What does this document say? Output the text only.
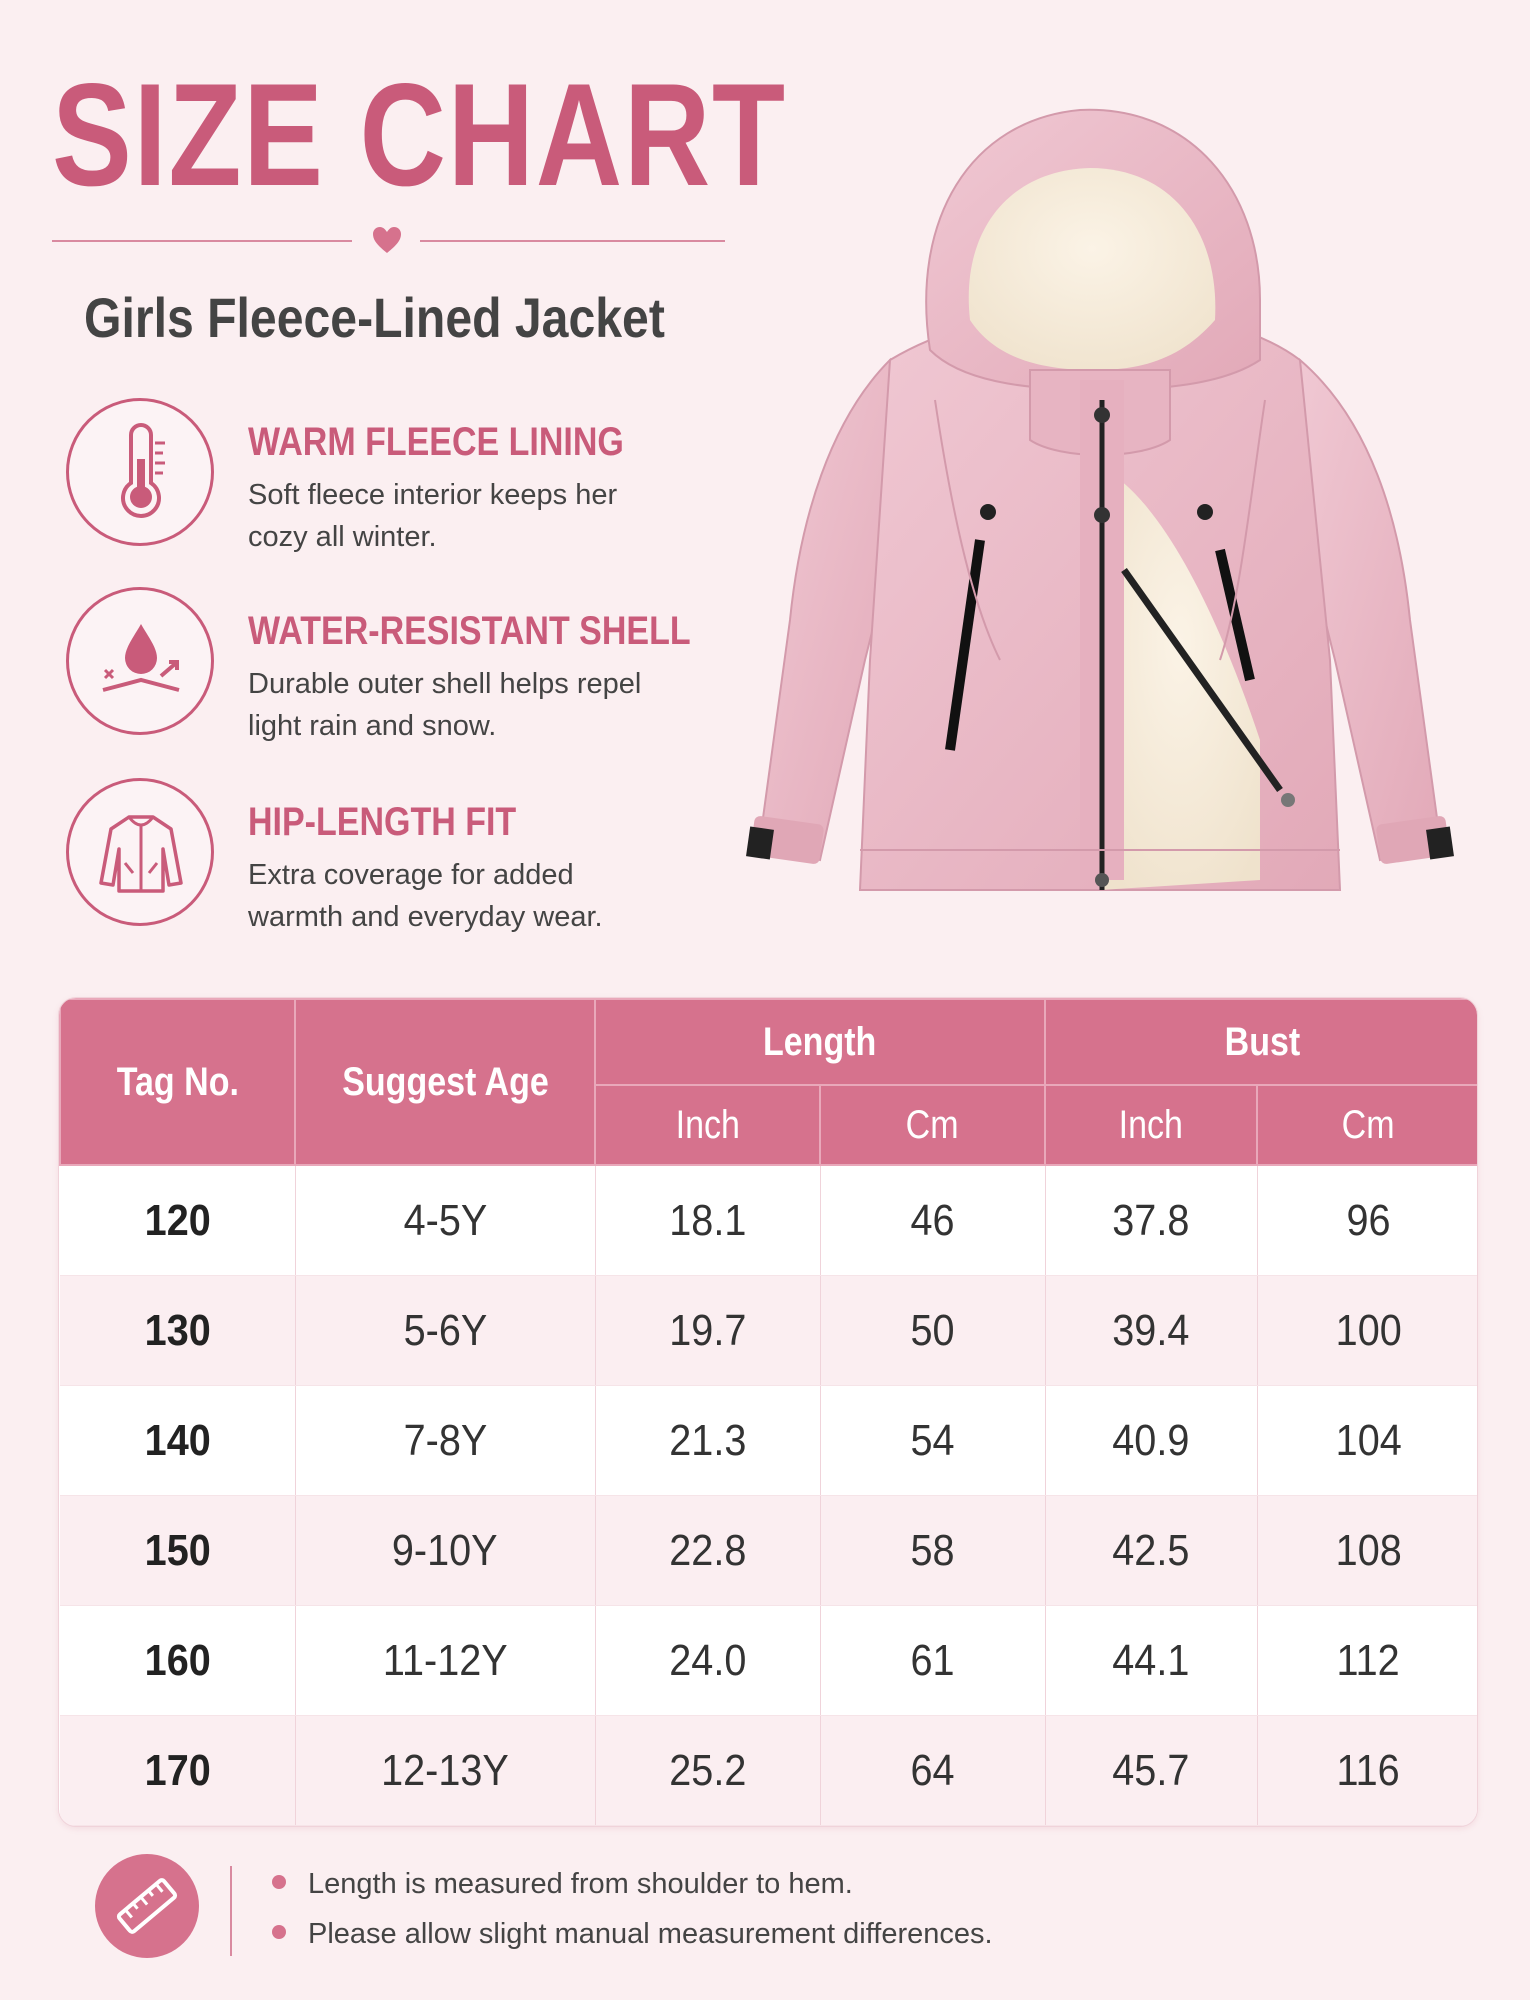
SIZE CHART
Girls Fleece-Lined Jacket
WARM FLEECE LINING
Soft fleece interior keeps her cozy all winter.
WATER-RESISTANT SHELL
Durable outer shell helps repel light rain and snow.
HIP-LENGTH FIT
Extra coverage for added warmth and everyday wear.
Tag No.	Suggest Age	Length		Bust	
		Inch	Cm	Inch	Cm
120	4-5Y	18.1	46	37.8	96
130	5-6Y	19.7	50	39.4	100
140	7-8Y	21.3	54	40.9	104
150	9-10Y	22.8	58	42.5	108
160	11-12Y	24.0	61	44.1	112
170	12-13Y	25.2	64	45.7	116
Length is measured from shoulder to hem.
Please allow slight manual measurement differences.
